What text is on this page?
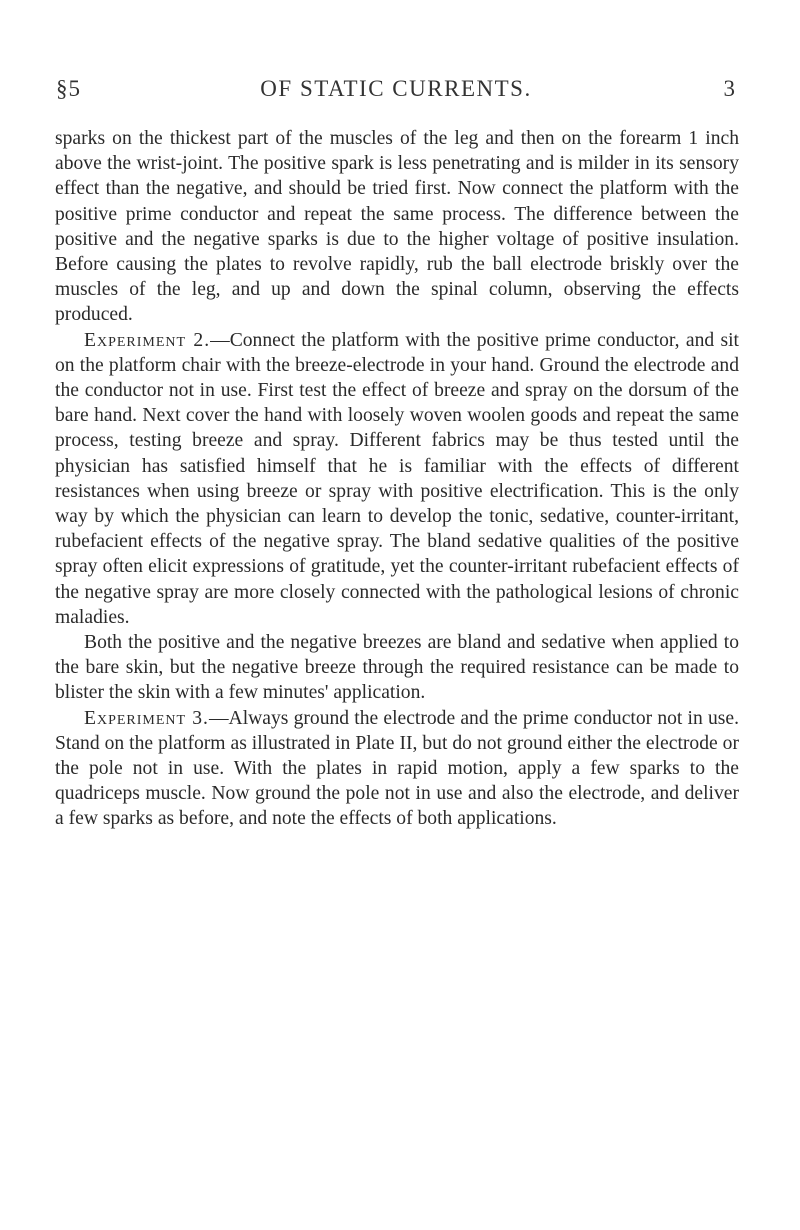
§5	OF STATIC CURRENTS.	3

sparks on the thickest part of the muscles of the leg and then on the forearm 1 inch above the wrist-joint. The positive spark is less penetrating and is milder in its sensory effect than the negative, and should be tried first. Now connect the platform with the positive prime conductor and repeat the same process. The difference between the positive and the negative sparks is due to the higher voltage of positive insulation. Before causing the plates to revolve rapidly, rub the ball electrode briskly over the muscles of the leg, and up and down the spinal column, observing the effects produced.

Experiment 2.—Connect the platform with the positive prime conductor, and sit on the platform chair with the breeze-electrode in your hand. Ground the electrode and the conductor not in use. First test the effect of breeze and spray on the dorsum of the bare hand. Next cover the hand with loosely woven woolen goods and repeat the same process, testing breeze and spray. Different fabrics may be thus tested until the physician has satisfied himself that he is familiar with the effects of different resistances when using breeze or spray with positive electrification. This is the only way by which the physician can learn to develop the tonic, sedative, counter-irritant, rubefacient effects of the negative spray. The bland sedative qualities of the positive spray often elicit expressions of gratitude, yet the counter-irritant rubefacient effects of the negative spray are more closely connected with the pathological lesions of chronic maladies.

Both the positive and the negative breezes are bland and sedative when applied to the bare skin, but the negative breeze through the required resistance can be made to blister the skin with a few minutes' application.

Experiment 3.—Always ground the electrode and the prime conductor not in use. Stand on the platform as illustrated in Plate II, but do not ground either the electrode or the pole not in use. With the plates in rapid motion, apply a few sparks to the quadriceps muscle. Now ground the pole not in use and also the electrode, and deliver a few sparks as before, and note the effects of both applications.
